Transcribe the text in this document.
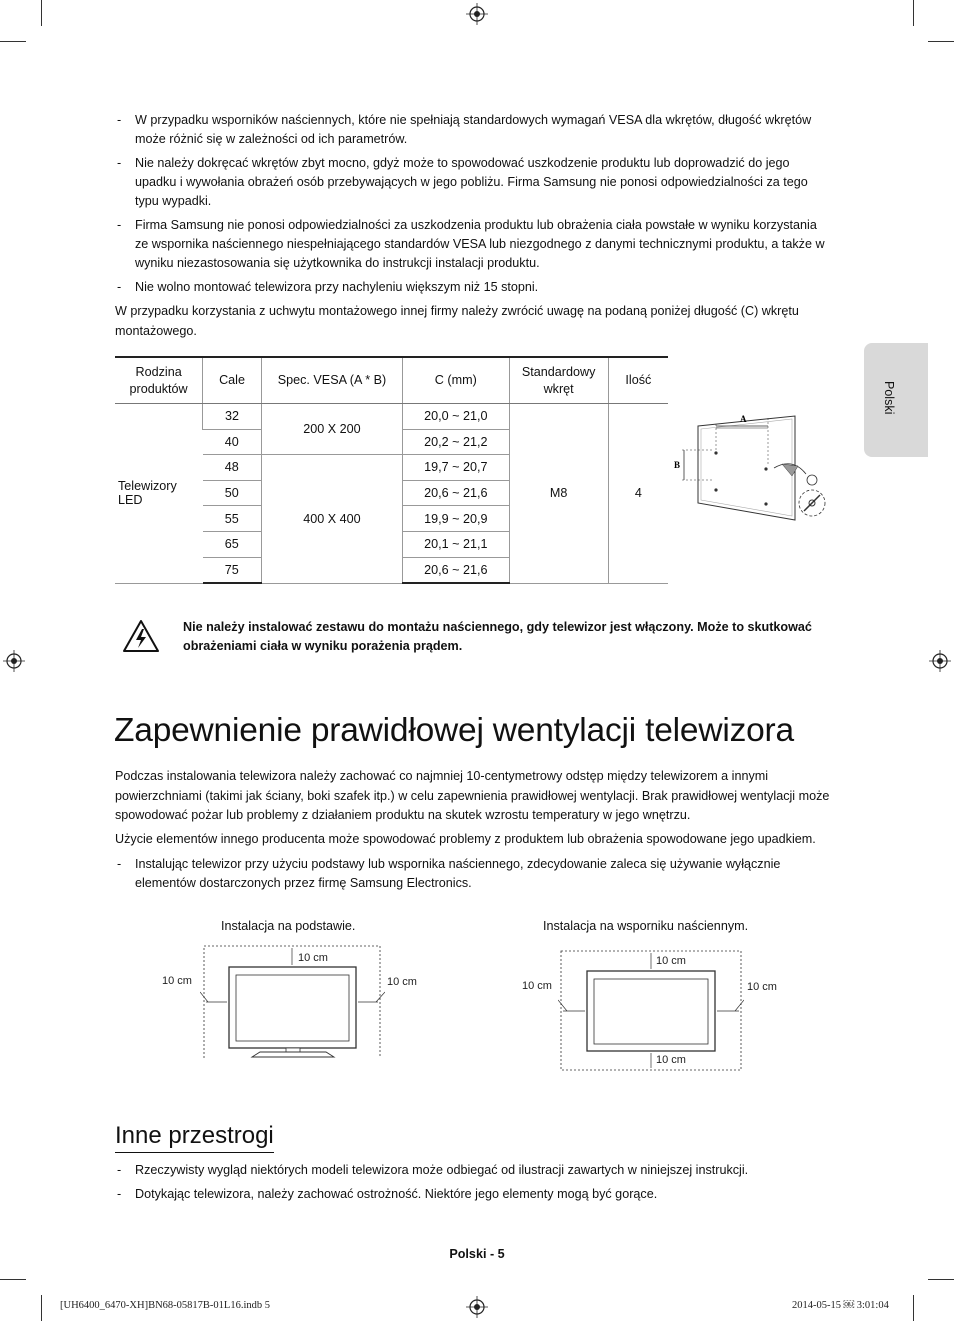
Polski
- W przypadku wsporników naściennych, które nie spełniają standardowych wymagań VESA dla wkrętów, długość wkrętów może różnić się w zależności od ich parametrów.
- Nie należy dokręcać wkrętów zbyt mocno, gdyż może to spowodować uszkodzenie produktu lub doprowadzić do jego upadku i wywołania obrażeń osób przebywających w jego pobliżu. Firma Samsung nie ponosi odpowiedzialności za tego typu wypadki.
- Firma Samsung nie ponosi odpowiedzialności za uszkodzenia produktu lub obrażenia ciała powstałe w wyniku korzystania ze wspornika naściennego niespełniającego standardów VESA lub niezgodnego z danymi technicznymi produktu, a także w wyniku niezastosowania się użytkownika do instrukcji instalacji produktu.
- Nie wolno montować telewizora przy nachyleniu większym niż 15 stopni.
W przypadku korzystania z uchwytu montażowego innej firmy należy zwrócić uwagę na podaną poniżej długość (C) wkrętu montażowego.
Rodzina produktów	Cale	Spec. VESA (A * B)	C (mm)	Standardowy wkręt	Ilość
Telewizory LED	32	200 X 200	20,0 ~ 21,0	M8	4
	40		20,2 ~ 21,2		
	48	400 X 400	19,7 ~ 20,7		
	50		20,6 ~ 21,6		
	55		19,9 ~ 20,9		
	65		20,1 ~ 21,1		
	75		20,6 ~ 21,6		
A
B
Nie należy instalować zestawu do montażu naściennego, gdy telewizor jest włączony. Może to skutkować obrażeniami ciała w wyniku porażenia prądem.
Zapewnienie prawidłowej wentylacji telewizora
Podczas instalowania telewizora należy zachować co najmniej 10-centymetrowy odstęp między telewizorem a innymi powierzchniami (takimi jak ściany, boki szafek itp.) w celu zapewnienia prawidłowej wentylacji. Brak prawidłowej wentylacji może spowodować pożar lub problemy z działaniem produktu na skutek wzrostu temperatury w jego wnętrzu.
Użycie elementów innego producenta może spowodować problemy z produktem lub obrażenia spowodowane jego upadkiem.
- Instalując telewizor przy użyciu podstawy lub wspornika naściennego, zdecydowanie zaleca się używanie wyłącznie elementów dostarczonych przez firmę Samsung Electronics.
Instalacja na podstawie.	Instalacja na wsporniku naściennym.
10 cm
10 cm	10 cm
10 cm
10 cm	10 cm
10 cm
Inne przestrogi
- Rzeczywisty wygląd niektórych modeli telewizora może odbiegać od ilustracji zawartych w niniejszej instrukcji.
- Dotykając telewizora, należy zachować ostrożność. Niektóre jego elementy mogą być gorące.
Polski - 5
[UH6400_6470-XH]BN68-05817B-01L16.indb 5	2014-05-15 ￼ 3:01:04
